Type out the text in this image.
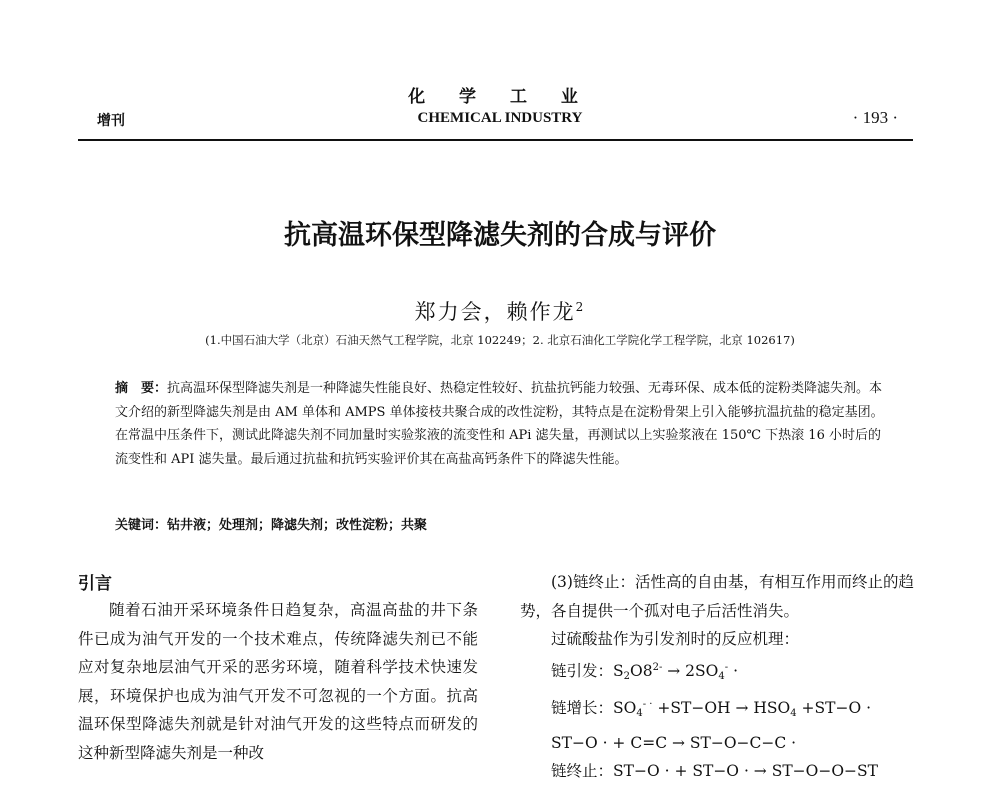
化 学 工 业
CHEMICAL INDUSTRY
增刊	· 193 ·
抗高温环保型降滤失剂的合成与评价
郑力会，赖作龙$^2$
(1.中国石油大学（北京）石油天然气工程学院，北京 102249；2. 北京石油化工学院化学工程学院，北京 102617)
摘　要：抗高温环保型降滤失剂是一种降滤失性能良好、热稳定性较好、抗盐抗钙能力较强、无毒环保、成本低的淀粉类降滤失剂。本文介绍的新型降滤失剂是由 AM 单体和 AMPS 单体接枝共聚合成的改性淀粉，其特点是在淀粉骨架上引入能够抗温抗盐的稳定基团。在常温中压条件下，测试此降滤失剂不同加量时实验浆液的流变性和 APi 滤失量，再测试以上实验浆液在 150℃ 下热滚 16 小时后的流变性和 API 滤失量。最后通过抗盐和抗钙实验评价其在高盐高钙条件下的降滤失性能。
关键词：钻井液；处理剂；降滤失剂；改性淀粉；共聚
引言

随着石油开采环境条件日趋复杂，高温高盐的井下条件已成为油气开发的一个技术难点，传统降滤失剂已不能应对复杂地层油气开采的恶劣环境，随着科学技术快速发展，环境保护也成为油气开发不可忽视的一个方面。抗高温环保型降滤失剂就是针对油气开发的这些特点而研发的 这种新型降滤失剂是一种改

(3)链终止：活性高的自由基，有相互作用而终止的趋势，各自提供一个孤对电子后活性消失。

过硫酸盐作为引发剂时的反应机理：

链引发：$S_2O8^{2-} \to 2SO_4^-$ ·

链增长：$SO_4^{- \cdot} +ST-OH \to HSO_4 +ST-O$ ·

ST−O · + C=C → ST−O−C−C ·

链终止：ST−O · + ST−O · → ST−O−O−ST
